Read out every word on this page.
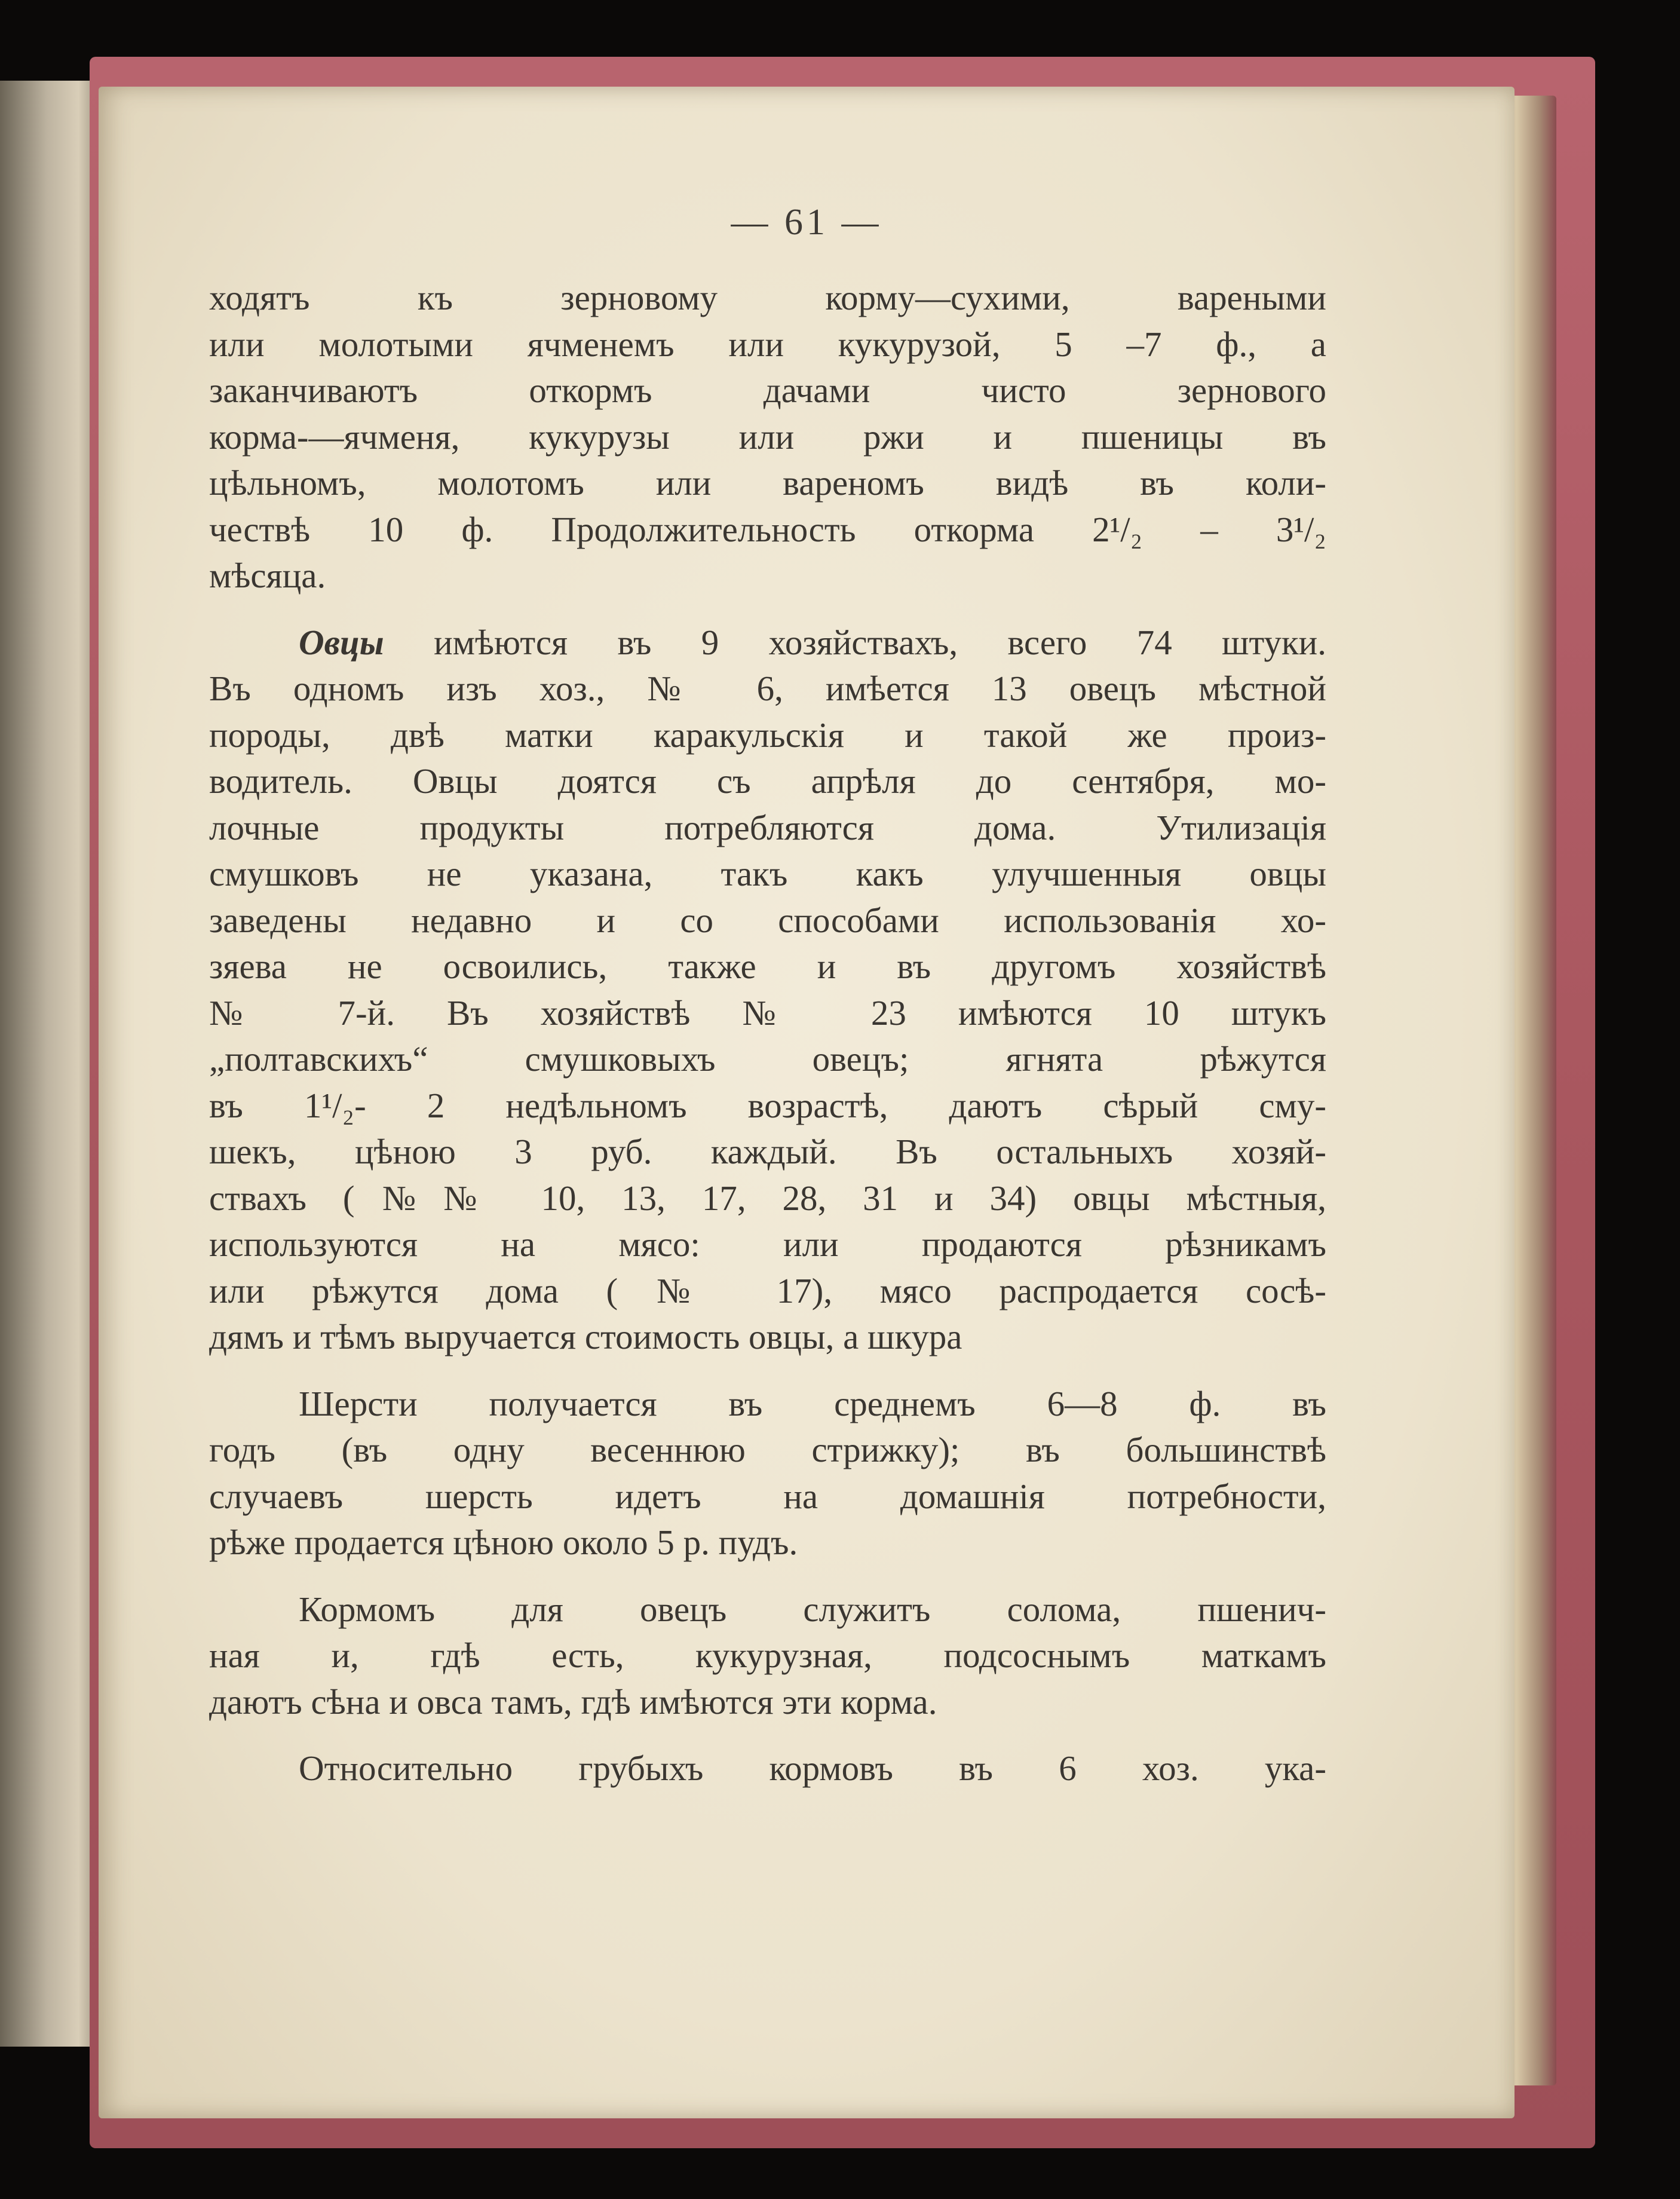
— 61 —
ходятъ къ зерновому корму—сухими, вареными
или молотыми ячменемъ или кукурузой, 5 –7 ф., а
заканчиваютъ откормъ дачами чисто зернового
корма-—ячменя, кукурузы или ржи и пшеницы въ
цѣльномъ, молотомъ или вареномъ видѣ въ коли-
чествѣ 10 ф. Продолжительность откорма 2¹/₂ – 3¹/₂
мѣсяца.
Овцы имѣются въ 9 хозяйствахъ, всего 74 штуки.
Въ одномъ изъ хоз., № 6, имѣется 13 овецъ мѣстной
породы, двѣ матки каракульскія и такой же произ-
водитель. Овцы доятся съ апрѣля до сентября, мо-
лочные продукты потребляются дома. Утилизація
смушковъ не указана, такъ какъ улучшенныя овцы
заведены недавно и со способами использованія хо-
зяева не освоились, также и въ другомъ хозяйствѣ
№ 7-й. Въ хозяйствѣ № 23 имѣются 10 штукъ
„полтавскихъ“ смушковыхъ овецъ; ягнята рѣжутся
въ 1¹/₂- 2 недѣльномъ возрастѣ, даютъ сѣрый сму-
шекъ, цѣною 3 руб. каждый. Въ остальныхъ хозяй-
ствахъ (№№ 10, 13, 17, 28, 31 и 34) овцы мѣстныя,
используются на мясо: или продаются рѣзникамъ
или рѣжутся дома (№ 17), мясо распродается сосѣ-
дямъ и тѣмъ выручается стоимость овцы, а шкура
Шерсти получается въ среднемъ 6—8 ф. въ
годъ (въ одну весеннюю стрижку); въ большинствѣ
случаевъ шерсть идетъ на домашнія потребности,
рѣже продается цѣною около 5 р. пудъ.
Кормомъ для овецъ служитъ солома, пшенич-
ная и, гдѣ есть, кукурузная, подсоснымъ маткамъ
даютъ сѣна и овса тамъ, гдѣ имѣются эти корма.
Относительно грубыхъ кормовъ въ 6 хоз. ука-
